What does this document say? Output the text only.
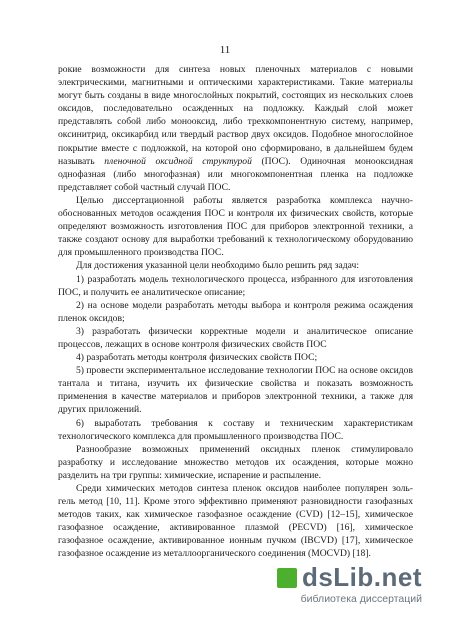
11

рокие возможности для синтеза новых пленочных материалов с новыми электрическими, магнитными и оптическими характеристиками. Такие материалы могут быть созданы в виде многослойных покрытий, состоящих из нескольких слоев оксидов, последовательно осажденных на подложку. Каждый слой может представлять собой либо монооксид, либо трехкомпонентную систему, например, оксинитрид, оксикарбид или твердый раствор двух оксидов. Подобное многослойное покрытие вместе с подложкой, на которой оно сформировано, в дальнейшем будем называть пленочной оксидной структурой (ПОС). Одиночная монооксидная однофазная (либо многофазная) или многокомпонентная пленка на подложке представляет собой частный случай ПОС.

Целью диссертационной работы является разработка комплекса научно-обоснованных методов осаждения ПОС и контроля их физических свойств, которые определяют возможность изготовления ПОС для приборов электронной техники, а также создают основу для выработки требований к технологическому оборудованию для промышленного производства ПОС.

Для достижения указанной цели необходимо было решить ряд задач:

1) разработать модель технологического процесса, избранного для изготовления ПОС, и получить ее аналитическое описание;

2) на основе модели разработать методы выбора и контроля режима осаждения пленок оксидов;

3) разработать физически корректные модели и аналитическое описание процессов, лежащих в основе контроля физических свойств ПОС

4) разработать методы контроля физических свойств ПОС;

5) провести экспериментальное исследование технологии ПОС на основе оксидов тантала и титана, изучить их физические свойства и показать возможность применения в качестве материалов и приборов электронной техники, а также для других приложений.

6) выработать требования к составу и техническим характеристикам технологического комплекса для промышленного производства ПОС.

Разнообразие возможных применений оксидных пленок стимулировало разработку и исследование множество методов их осаждения, которые можно разделить на три группы: химические, испарение и распыление.

Среди химических методов синтеза пленок оксидов наиболее популярен золь-гель метод [10, 11]. Кроме этого эффективно применяют разновидности газофазных методов таких, как химическое газофазное осаждение (CVD) [12–15], химическое газофазное осаждение, активированное плазмой (PECVD) [16], химическое газофазное осаждение, активированное ионным пучком (IBCVD) [17], химическое газофазное осаждение из металлоорганического соединения (MOCVD) [18].

dsLib.net
библиотека диссертаций
